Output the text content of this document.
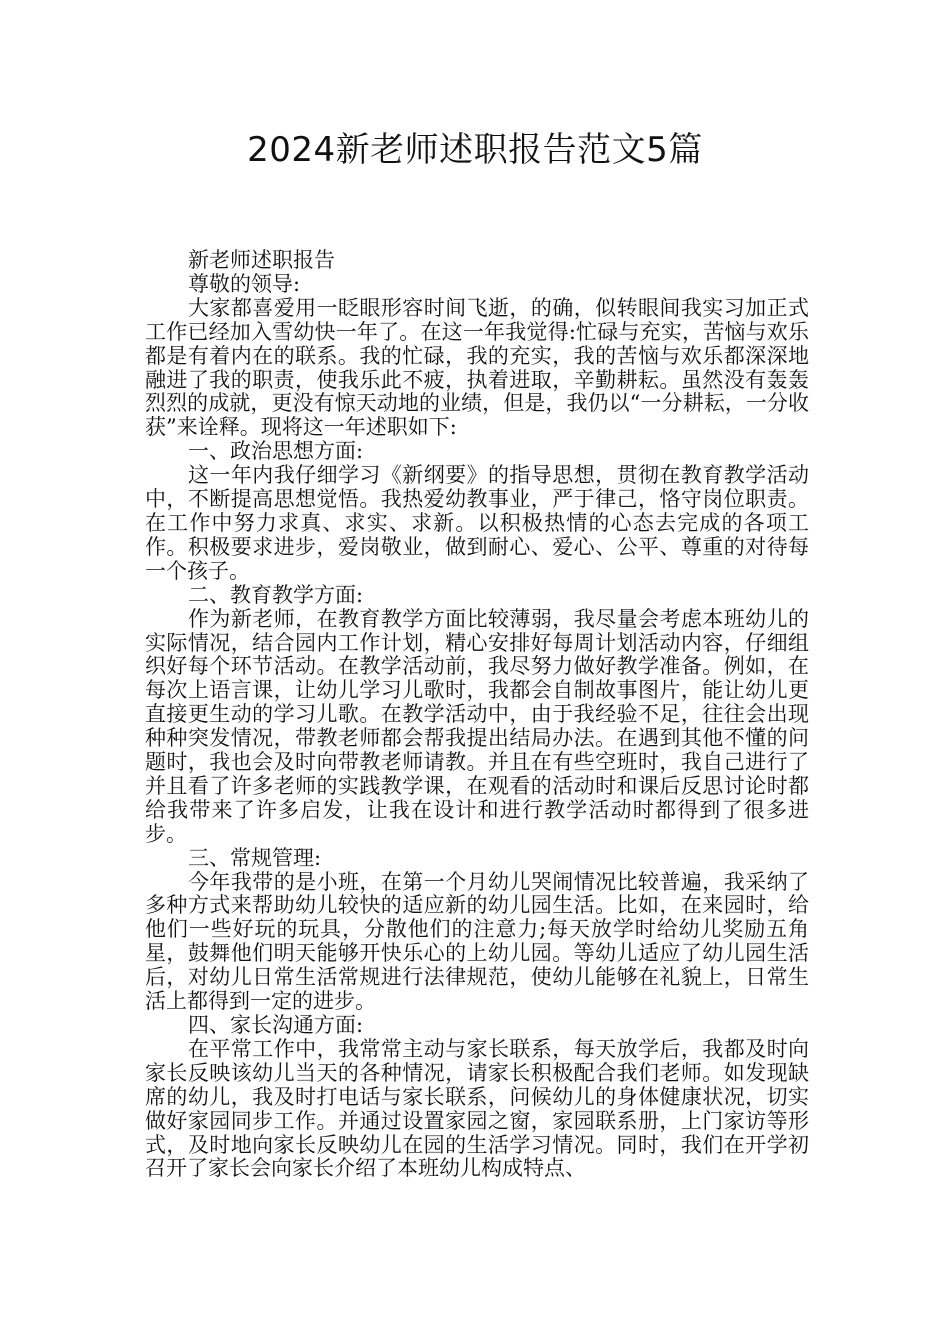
2024新老师述职报告范文5篇

新老师述职报告

尊敬的领导:

大家都喜爱用一眨眼形容时间飞逝，的确，似转眼间我实习加正式工作已经加入雪幼快一年了。在这一年我觉得:忙碌与充实，苦恼与欢乐都是有着内在的联系。我的忙碌，我的充实，我的苦恼与欢乐都深深地融进了我的职责，使我乐此不疲，执着进取，辛勤耕耘。虽然没有轰轰烈烈的成就，更没有惊天动地的业绩，但是，我仍以“一分耕耘，一分收获”来诠释。现将这一年述职如下:

一、政治思想方面:

这一年内我仔细学习《新纲要》的指导思想，贯彻在教育教学活动中，不断提高思想觉悟。我热爱幼教事业，严于律己，恪守岗位职责。在工作中努力求真、求实、求新。以积极热情的心态去完成的各项工作。积极要求进步，爱岗敬业，做到耐心、爱心、公平、尊重的对待每一个孩子。

二、教育教学方面:

作为新老师，在教育教学方面比较薄弱，我尽量会考虑本班幼儿的实际情况，结合园内工作计划，精心安排好每周计划活动内容，仔细组织好每个环节活动。在教学活动前，我尽努力做好教学准备。例如，在每次上语言课，让幼儿学习儿歌时，我都会自制故事图片，能让幼儿更直接更生动的学习儿歌。在教学活动中，由于我经验不足，往往会出现种种突发情况，带教老师都会帮我提出结局办法。在遇到其他不懂的问题时，我也会及时向带教老师请教。并且在有些空班时，我自己进行了并且看了许多老师的实践教学课，在观看的活动时和课后反思讨论时都给我带来了许多启发，让我在设计和进行教学活动时都得到了很多进步。

三、常规管理:

今年我带的是小班，在第一个月幼儿哭闹情况比较普遍，我采纳了多种方式来帮助幼儿较快的适应新的幼儿园生活。比如，在来园时，给他们一些好玩的玩具，分散他们的注意力;每天放学时给幼儿奖励五角星，鼓舞他们明天能够开快乐心的上幼儿园。等幼儿适应了幼儿园生活后，对幼儿日常生活常规进行法律规范，使幼儿能够在礼貌上，日常生活上都得到一定的进步。

四、家长沟通方面:

在平常工作中，我常常主动与家长联系，每天放学后，我都及时向家长反映该幼儿当天的各种情况，请家长积极配合我们老师。如发现缺席的幼儿，我及时打电话与家长联系，问候幼儿的身体健康状况，切实做好家园同步工作。并通过设置家园之窗，家园联系册，上门家访等形式，及时地向家长反映幼儿在园的生活学习情况。同时，我们在开学初召开了家长会向家长介绍了本班幼儿构成特点、
